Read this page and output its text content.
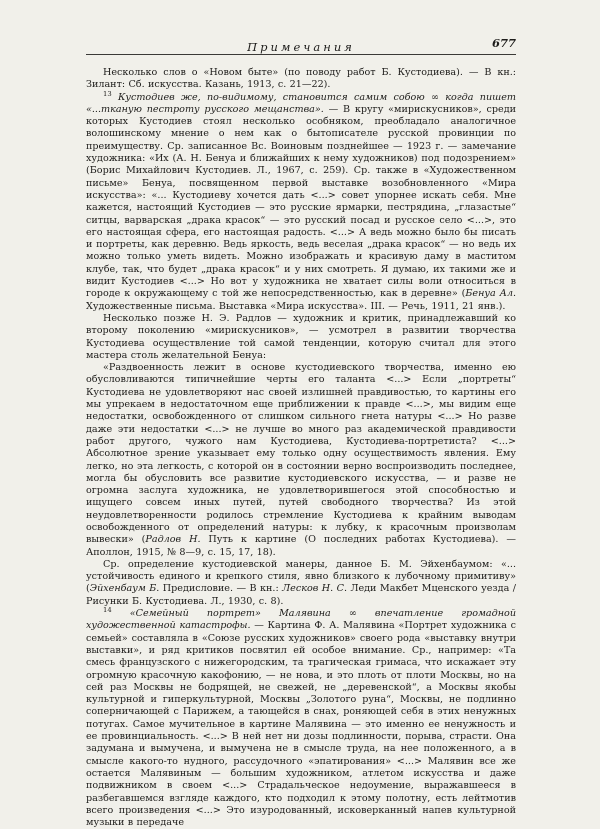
Примечания	677

Несколько слов о «Новом быте» (по поводу работ Б. Кустодиева). — В кн.: Зилант: Сб. искусства. Казань, 1913, с. 21—22).

$^{13}$ Кустодиев же, по-видимому, становится самим собою ∞ когда пишет «...тканую пестроту русского мещанства». — В кругу «мирискусников», среди которых Кустодиев стоял несколько особняком, преобладало аналогичное волошинскому мнение о нем как о бытописателе русской провинции по преимуществу. Ср. записанное Вс. Воиновым позднейшее — 1923 г. — замечание художника: «Их (А. Н. Бенуа и ближайших к нему художников) под подозрением» (Борис Михайлович Кустодиев. Л., 1967, с. 259). Ср. также в «Художественном письме» Бенуа, посвященном первой выставке возобновленного «Мира искусства»: «... Кустодиеву хочется дать <...> совет упорнее искать себя. Мне кажется, настоящий Кустодиев — это русские ярмарки, пестрядина, „глазастые“ ситцы, варварская „драка красок“ — это русский посад и русское село <...>, это его настоящая сфера, его настоящая радость. <...> А ведь можно было бы писать и портреты, как деревню. Ведь яркость, ведь веселая „драка красок“ — но ведь их можно только уметь видеть. Можно изображать и красивую даму в маститом клубе, так, что будет „драка красок“ и у них смотреть. Я думаю, их такими же и видит Кустодиев <...> Но вот у художника не хватает силы воли относиться в городе к окружающему с той же непосредственностью, как в деревне» (Бенуа Ал. Художественные письма. Выставка «Мира искусства». III. — Речь, 1911, 21 янв.).

Несколько позже Н. Э. Радлов — художник и критик, принадлежавший ко второму поколению «мирискусников», — усмотрел в развитии творчества Кустодиева осуществление той самой тенденции, которую считал для этого мастера столь желательной Бенуа:

«Раздвоенность лежит в основе кустодиевского творчества, именно ею обусловливаются типичнейшие черты его таланта <...> Если „портреты“ Кустодиева не удовлетворяют нас своей излишней правдивостью, то картины его мы упрекаем в недостаточном еще приближении к правде <...>, мы видим еще недостатки, освобожденного от слишком сильного гнета натуры <...> Но разве даже эти недостатки <...> не лучше во много раз академической правдивости работ другого, чужого нам Кустодиева, Кустодиева-портретиста? <...> Абсолютное зрение указывает ему только одну осуществимость явления. Ему легко, но эта легкость, с которой он в состоянии верно воспроизводить последнее, могла бы обусловить все развитие кустодиевского искусства, — и разве не огромна заслуга художника, не удовлетворившегося этой способностью и ищущего совсем иных путей, путей свободного творчества? Из этой неудовлетворенности родилось стремление Кустодиева к крайним выводам освобожденного от определений натуры: к лубку, к красочным произволам вывески» (Радлов Н. Путь к картине (О последних работах Кустодиева). — Аполлон, 1915, № 8—9, с. 15, 17, 18).

Ср. определение кустодиевской манеры, данное Б. М. Эйхенбаумом: «... устойчивость единого и крепкого стиля, явно близкого к лубочному примитиву» (Эйхенбаум Б. Предисловие. — В кн.: Лесков Н. С. Леди Макбет Мценского уезда / Рисунки Б. Кустодиева. Л., 1930, с. 8).

$^{14}$ «Семейный портрет» Малявина ∞ впечатление громадной художественной катастрофы. — Картина Ф. А. Малявина «Портрет художника с семьей» составляла в «Союзе русских художников» своего рода «выставку внутри выставки», и ряд критиков посвятил ей особое внимание. Ср., например: «Та смесь французского с нижегородским, та трагическая гримаса, что искажает эту огромную красочную какофонию, — не нова, и это плоть от плоти Москвы, но на сей раз Москвы не бодрящей, не свежей, не „деревенской“, а Москвы якобы культурной и гиперкультурной, Москвы „Золотого руна“, Москвы, не подлинно соперничающей с Парижем, а тающейся в снах, роняющей себя в этих ненужных потугах. Самое мучительное в картине Малявина — это именно ее ненужность и ее провинциальность. <...> В ней нет ни дозы подлинности, порыва, страсти. Она задумана и вымучена, и вымучена не в смысле труда, на нее положенного, а в смысле какого-то нудного, рассудочного «эпатирования» <...> Малявин все же остается Малявиным — большим художником, атлетом искусства и даже подвижником в своем <...> Страдальческое недоумение, выражавшееся в разбегавшемся взгляде каждого, кто подходил к этому полотну, есть лейтмотив всего произведения <...> Это изуродованный, исковерканный напев культурной музыки в передаче
